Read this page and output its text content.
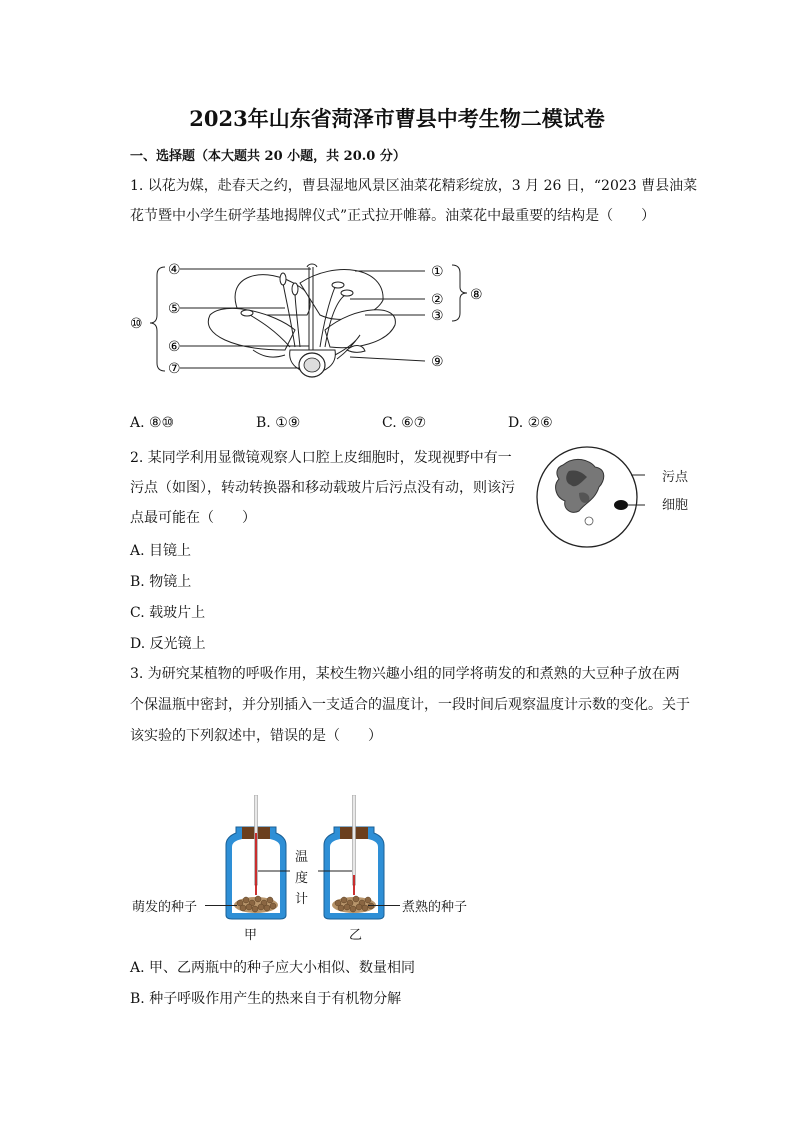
2023年山东省菏泽市曹县中考生物二模试卷
一、选择题（本大题共 20 小题，共 20.0 分）
1. 以花为媒，赴春天之约，曹县湿地风景区油菜花精彩绽放，3 月 26 日，“2023 曹县油菜
花节暨中小学生研学基地揭牌仪式”正式拉开帷幕。油菜花中最重要的结构是（　　）
④	①
②
③
⑧
⑤
⑩
⑥
⑦	⑨
A. ⑧⑩	B. ①⑨	C. ⑥⑦	D. ②⑥
2. 某同学利用显微镜观察人口腔上皮细胞时，发现视野中有一
污点（如图），转动转换器和移动载玻片后污点没有动，则该污
点最可能在（　　）
污点
细胞
A. 目镜上
B. 物镜上
C. 载玻片上
D. 反光镜上
3. 为研究某植物的呼吸作用，某校生物兴趣小组的同学将萌发的和煮熟的大豆种子放在两
个保温瓶中密封，并分别插入一支适合的温度计，一段时间后观察温度计示数的变化。关于
该实验的下列叙述中，错误的是（　　）
温
度
计
萌发的种子	煮熟的种子
甲	乙
A. 甲、乙两瓶中的种子应大小相似、数量相同
B. 种子呼吸作用产生的热来自于有机物分解
